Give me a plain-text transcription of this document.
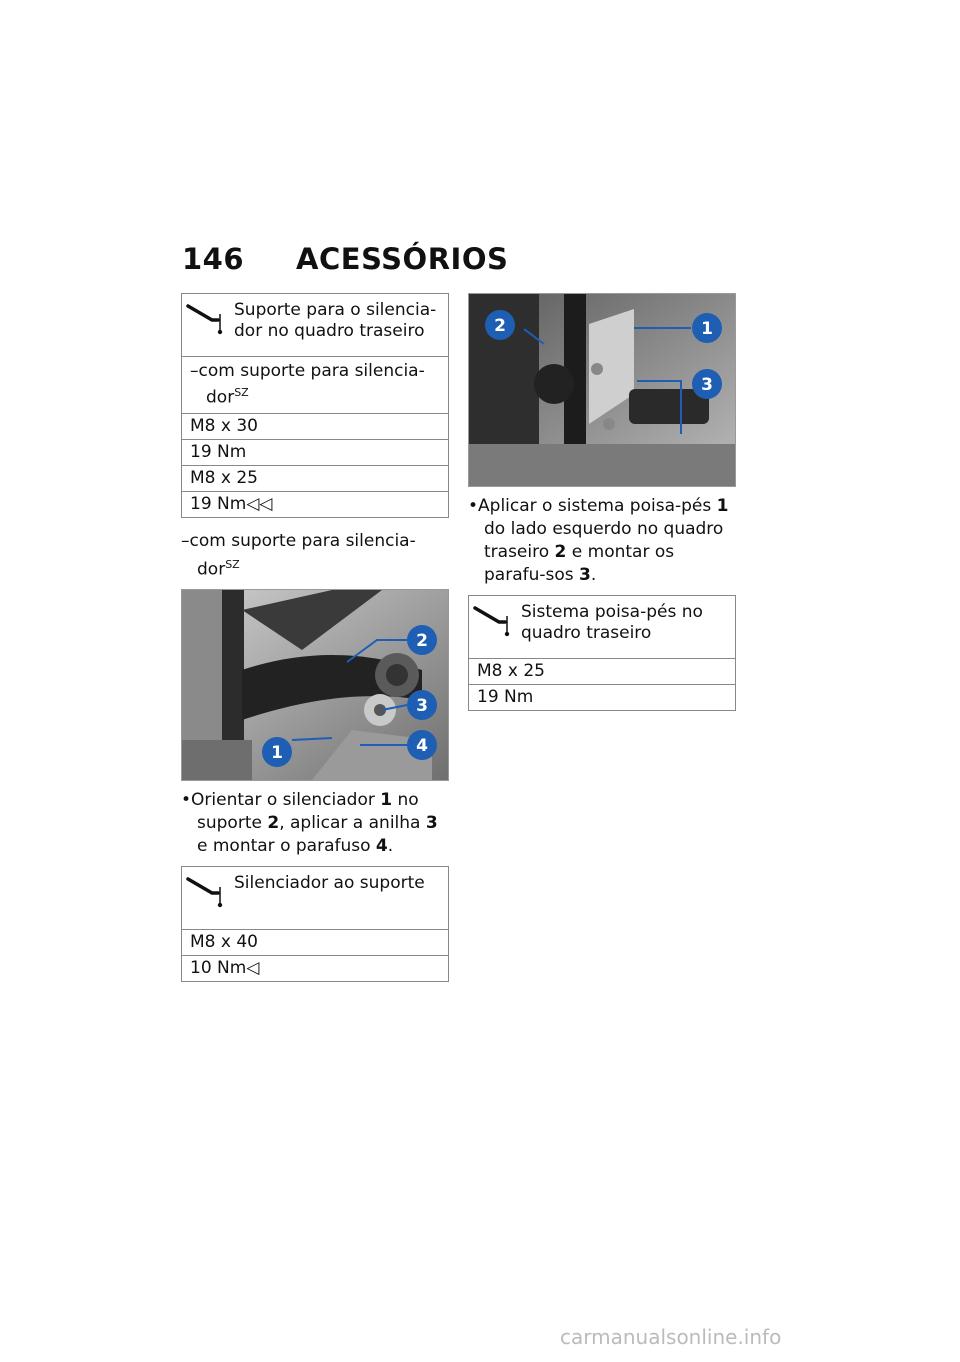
146 ACESSÓRIOS
Suporte para o silencia-dor no quadro traseiro
–com suporte para silencia-dor$^{SZ}$
M8 x 30
19 Nm
M8 x 25
19 Nm◁◁
–com suporte para silencia-dor$^{SZ}$
1
2
3
4
•Orientar o silenciador 1 no suporte 2, aplicar a anilha 3 e montar o parafuso 4.
Silenciador ao suporte
M8 x 40
10 Nm◁
1
2
3
•Aplicar o sistema poisa-pés 1 do lado esquerdo no quadro traseiro 2 e montar os parafu-sos 3.
Sistema poisa-pés no quadro traseiro
M8 x 25
19 Nm
carmanualsonline.info
